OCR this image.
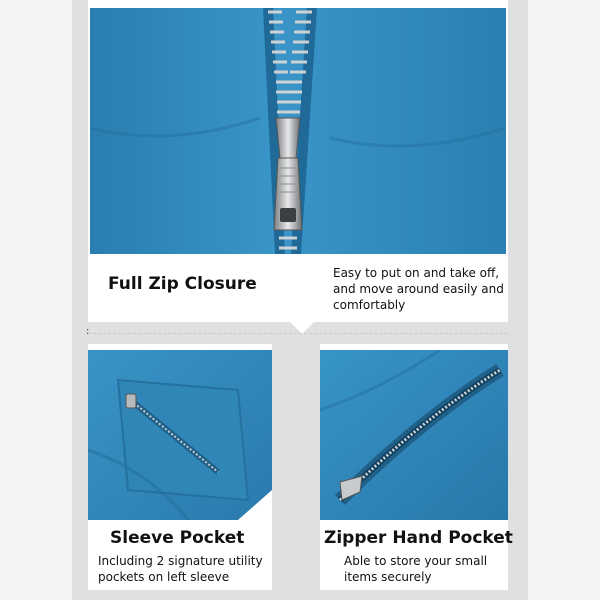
Full Zip Closure
Easy to put on and take off, and move around easily and comfortably
:
Sleeve Pocket
Including 2 signature utility pockets on left sleeve
Zipper Hand Pocket
Able to store your small items securely
